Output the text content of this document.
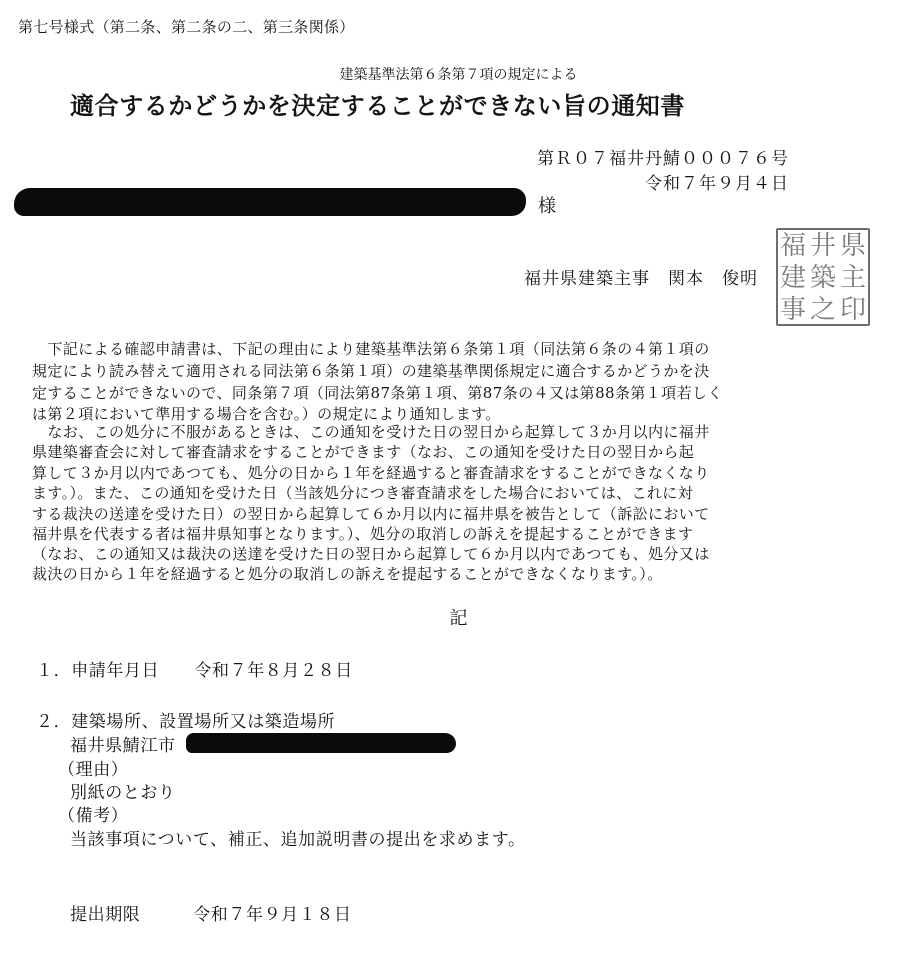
第七号様式（第二条、第二条の二、第三条関係）
建築基準法第６条第７項の規定による
適合するかどうかを決定することができない旨の通知書
第Ｒ０７福井丹鯖０００７６号
令和７年９月４日
様
福井県建築主事　関本　俊明
福 井 県
建 築 主
事 之 印
　下記による確認申請書は、下記の理由により建築基準法第６条第１項（同法第６条の４第１項の
規定により読み替えて適用される同法第６条第１項）の建築基準関係規定に適合するかどうかを決
定することができないので、同条第７項（同法第87条第１項、第87条の４又は第88条第１項若しく
は第２項において準用する場合を含む。）の規定により通知します。
　なお、この処分に不服があるときは、この通知を受けた日の翌日から起算して３か月以内に福井
県建築審査会に対して審査請求をすることができます（なお、この通知を受けた日の翌日から起
算して３か月以内であつても、処分の日から１年を経過すると審査請求をすることができなくなり
ます。）。また、この通知を受けた日（当該処分につき審査請求をした場合においては、これに対
する裁決の送達を受けた日）の翌日から起算して６か月以内に福井県を被告として（訴訟において
福井県を代表する者は福井県知事となります。）、処分の取消しの訴えを提起することができます
（なお、この通知又は裁決の送達を受けた日の翌日から起算して６か月以内であつても、処分又は
裁決の日から１年を経過すると処分の取消しの訴えを提起することができなくなります。）。
記
１．申請年月日　　令和７年８月２８日
２．建築場所、設置場所又は築造場所
福井県鯖江市
（理由）
別紙のとおり
（備考）
当該事項について、補正、追加説明書の提出を求めます。
提出期限　　　令和７年９月１８日
